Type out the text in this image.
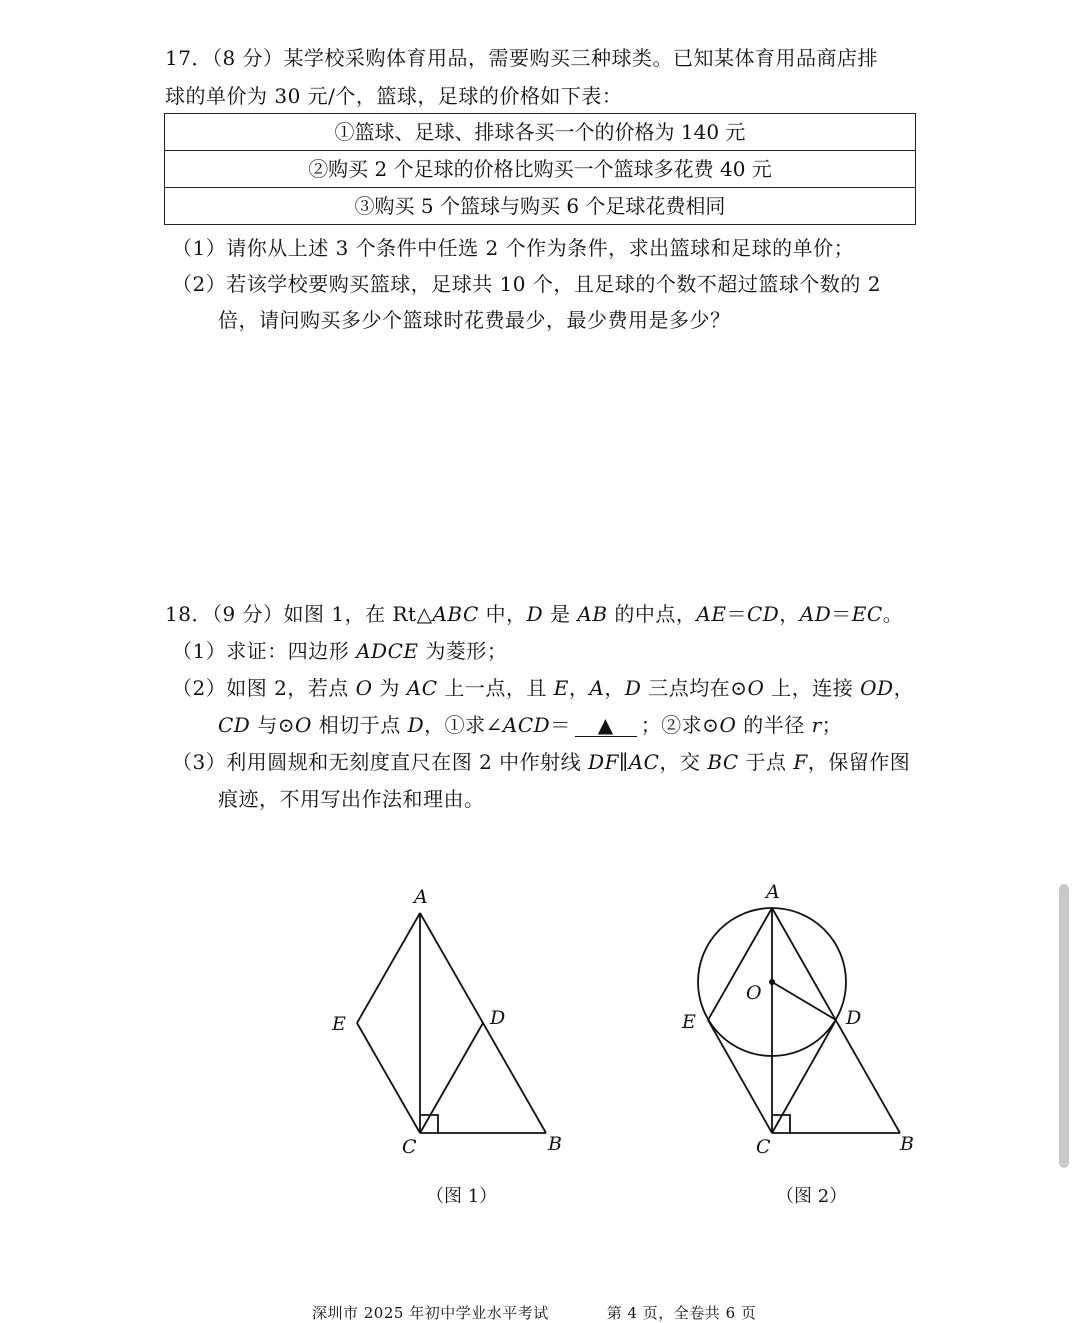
17．（8 分）某学校采购体育用品，需要购买三种球类。已知某体育用品商店排
球的单价为 30 元/个，篮球，足球的价格如下表：
①篮球、足球、排球各买一个的价格为 140 元
②购买 2 个足球的价格比购买一个篮球多花费 40 元
③购买 5 个篮球与购买 6 个足球花费相同
（1）请你从上述 3 个条件中任选 2 个作为条件，求出篮球和足球的单价；
（2）若该学校要购买篮球，足球共 10 个，且足球的个数不超过篮球个数的 2
倍，请问购买多少个篮球时花费最少，最少费用是多少？
18．（9 分）如图 1，在 Rt△ABC 中，D 是 AB 的中点，AE＝CD，AD＝EC。
（1）求证：四边形 ADCE 为菱形；
（2）如图 2，若点 O 为 AC 上一点，且 E，A，D 三点均在⊙O 上，连接 OD，
CD 与⊙O 相切于点 D，①求∠ACD＝ ▲ ；②求⊙O 的半径 r；
（3）利用圆规和无刻度直尺在图 2 中作射线 DF∥AC，交 BC 于点 F，保留作图
痕迹，不用写出作法和理由。
A
E	D
C	B
A
O
E	D
C	B
（图 1）	（图 2）
深圳市 2025 年初中学业水平考试	第 4 页，全卷共 6 页
